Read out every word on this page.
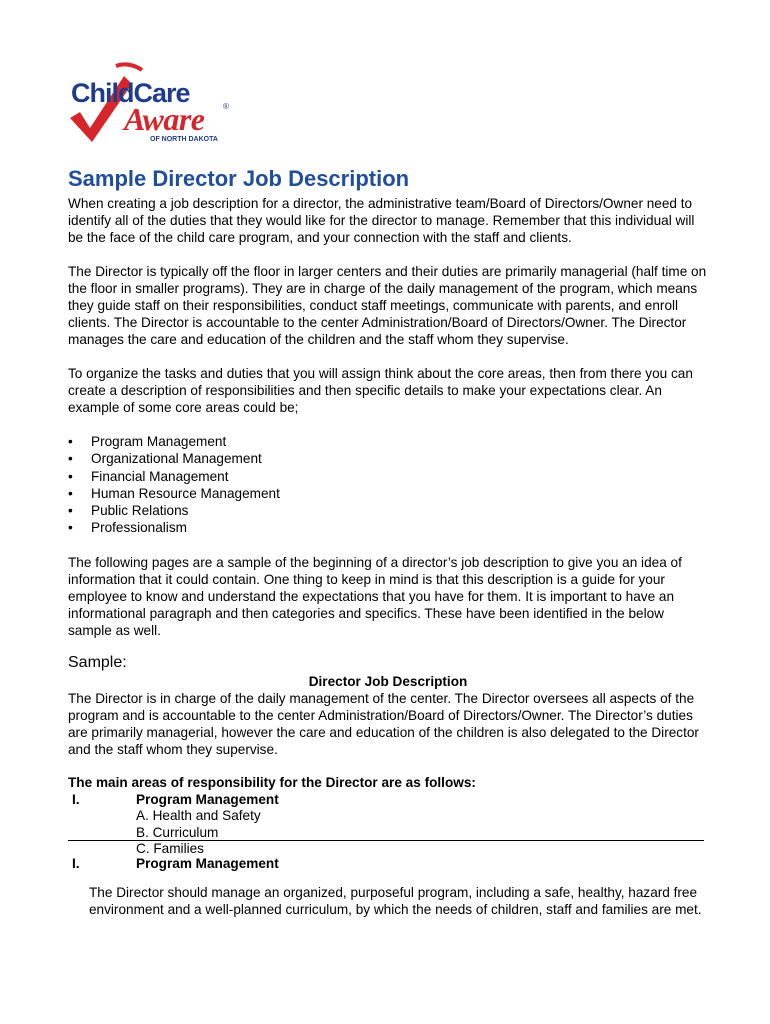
ChildCare
Aware ®
OF NORTH DAKOTA
Sample Director Job Description

When creating a job description for a director, the administrative team/Board of Directors/Owner need to identify all of the duties that they would like for the director to manage. Remember that this individual will be the face of the child care program, and your connection with the staff and clients.

The Director is typically off the floor in larger centers and their duties are primarily managerial (half time on the floor in smaller programs). They are in charge of the daily management of the program, which means they guide staff on their responsibilities, conduct staff meetings, communicate with parents, and enroll clients. The Director is accountable to the center Administration/Board of Directors/Owner. The Director manages the care and education of the children and the staff whom they supervise.

To organize the tasks and duties that you will assign think about the core areas, then from there you can create a description of responsibilities and then specific details to make your expectations clear. An example of some core areas could be;

• Program Management
• Organizational Management
• Financial Management
• Human Resource Management
• Public Relations
• Professionalism

The following pages are a sample of the beginning of a director’s job description to give you an idea of information that it could contain. One thing to keep in mind is that this description is a guide for your employee to know and understand the expectations that you have for them. It is important to have an informational paragraph and then categories and specifics. These have been identified in the below sample as well.

Sample:

Director Job Description

The Director is in charge of the daily management of the center. The Director oversees all aspects of the program and is accountable to the center Administration/Board of Directors/Owner. The Director’s duties are primarily managerial, however the care and education of the children is also delegated to the Director and the staff whom they supervise.

The main areas of responsibility for the Director are as follows:

I.	Program Management
A. Health and Safety
B. Curriculum
C. Families
I.	Program Management

The Director should manage an organized, purposeful program, including a safe, healthy, hazard free environment and a well-planned curriculum, by which the needs of children, staff and families are met.
